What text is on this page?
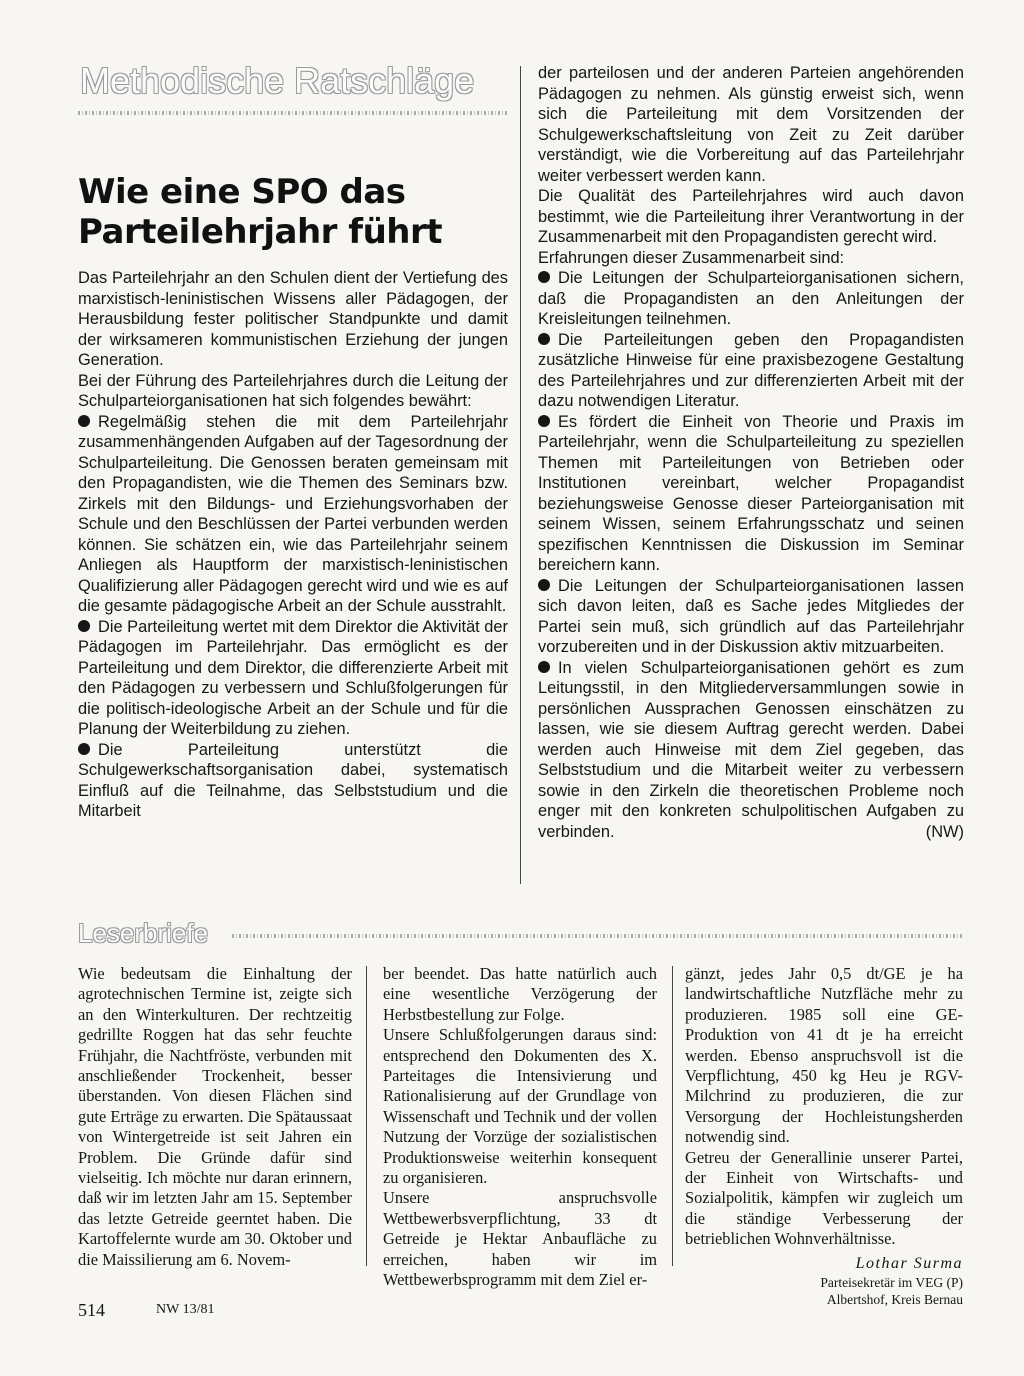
Methodische Ratschläge
Wie eine SPO das
Parteilehrjahr führt

Das Parteilehrjahr an den Schulen dient der Vertiefung des marxistisch-leninistischen Wissens aller Pädagogen, der Herausbildung fester politischer Standpunkte und damit der wirksameren kommunistischen Erziehung der jungen Generation.

Bei der Führung des Parteilehrjahres durch die Leitung der Schulparteiorganisationen hat sich folgendes bewährt:

Regelmäßig stehen die mit dem Parteilehrjahr zusammenhängenden Aufgaben auf der Tagesordnung der Schulparteileitung. Die Genossen beraten gemeinsam mit den Propagandisten, wie die Themen des Seminars bzw. Zirkels mit den Bildungs- und Erziehungsvorhaben der Schule und den Beschlüssen der Partei verbunden werden können. Sie schätzen ein, wie das Parteilehrjahr seinem Anliegen als Hauptform der marxistisch-leninistischen Qualifizierung aller Pädagogen gerecht wird und wie es auf die gesamte pädagogische Arbeit an der Schule ausstrahlt.

Die Parteileitung wertet mit dem Direktor die Aktivität der Pädagogen im Parteilehrjahr. Das ermöglicht es der Parteileitung und dem Direktor, die differenzierte Arbeit mit den Pädagogen zu verbessern und Schlußfolgerungen für die politisch-ideologische Arbeit an der Schule und für die Planung der Weiterbildung zu ziehen.

Die Parteileitung unterstützt die Schulgewerkschaftsorganisation dabei, systematisch Einfluß auf die Teilnahme, das Selbststudium und die Mitarbeit

der parteilosen und der anderen Parteien angehörenden Pädagogen zu nehmen. Als günstig erweist sich, wenn sich die Parteileitung mit dem Vorsitzenden der Schulgewerkschaftsleitung von Zeit zu Zeit darüber verständigt, wie die Vorbereitung auf das Parteilehrjahr weiter verbessert werden kann.

Die Qualität des Parteilehrjahres wird auch davon bestimmt, wie die Parteileitung ihrer Verantwortung in der Zusammenarbeit mit den Propagandisten gerecht wird.

Erfahrungen dieser Zusammenarbeit sind:

Die Leitungen der Schulparteiorganisationen sichern, daß die Propagandisten an den Anleitungen der Kreisleitungen teilnehmen.

Die Parteileitungen geben den Propagandisten zusätzliche Hinweise für eine praxisbezogene Gestaltung des Parteilehrjahres und zur differenzierten Arbeit mit der dazu notwendigen Literatur.

Es fördert die Einheit von Theorie und Praxis im Parteilehrjahr, wenn die Schulparteileitung zu speziellen Themen mit Parteileitungen von Betrieben oder Institutionen vereinbart, welcher Propagandist beziehungsweise Genosse dieser Parteiorganisation mit seinem Wissen, seinem Erfahrungsschatz und seinen spezifischen Kenntnissen die Diskussion im Seminar bereichern kann.

Die Leitungen der Schulparteiorganisationen lassen sich davon leiten, daß es Sache jedes Mitgliedes der Partei sein muß, sich gründlich auf das Parteilehrjahr vorzubereiten und in der Diskussion aktiv mitzuarbeiten.

In vielen Schulparteiorganisationen gehört es zum Leitungsstil, in den Mitgliederversammlungen sowie in persönlichen Aussprachen Genossen einschätzen zu lassen, wie sie diesem Auftrag gerecht werden. Dabei werden auch Hinweise mit dem Ziel gegeben, das Selbststudium und die Mitarbeit weiter zu verbessern sowie in den Zirkeln die theoretischen Probleme noch enger mit den konkreten schulpolitischen Aufgaben zu verbinden.	(NW)
Leserbriefe

Wie bedeutsam die Einhaltung der agrotechnischen Termine ist, zeigte sich an den Winterkulturen. Der rechtzeitig gedrillte Roggen hat das sehr feuchte Frühjahr, die Nachtfröste, verbunden mit anschließender Trockenheit, besser überstanden. Von diesen Flächen sind gute Erträge zu erwarten. Die Spätaussaat von Wintergetreide ist seit Jahren ein Problem. Die Gründe dafür sind vielseitig. Ich möchte nur daran erinnern, daß wir im letzten Jahr am 15. September das letzte Getreide geerntet haben. Die Kartoffelernte wurde am 30. Oktober und die Maissilierung am 6. Novem-

ber beendet. Das hatte natürlich auch eine wesentliche Verzögerung der Herbstbestellung zur Folge.

Unsere Schlußfolgerungen daraus sind: entsprechend den Dokumenten des X. Parteitages die Intensivierung und Rationalisierung auf der Grundlage von Wissenschaft und Technik und der vollen Nutzung der Vorzüge der sozialistischen Produktionsweise weiterhin konsequent zu organisieren.

Unsere anspruchsvolle Wettbewerbsverpflichtung, 33 dt Getreide je Hektar Anbaufläche zu erreichen, haben wir im Wettbewerbsprogramm mit dem Ziel er-

gänzt, jedes Jahr 0,5 dt/GE je ha landwirtschaftliche Nutzfläche mehr zu produzieren. 1985 soll eine GE-Produktion von 41 dt je ha erreicht werden. Ebenso anspruchsvoll ist die Verpflichtung, 450 kg Heu je RGV-Milchrind zu produzieren, die zur Versorgung der Hochleistungsherden notwendig sind.

Getreu der Generallinie unserer Partei, der Einheit von Wirtschafts- und Sozialpolitik, kämpfen wir zugleich um die ständige Verbesserung der betrieblichen Wohnverhältnisse.

Lothar Surma
Parteisekretär im VEG (P)
Albertshof, Kreis Bernau
514	NW 13/81
